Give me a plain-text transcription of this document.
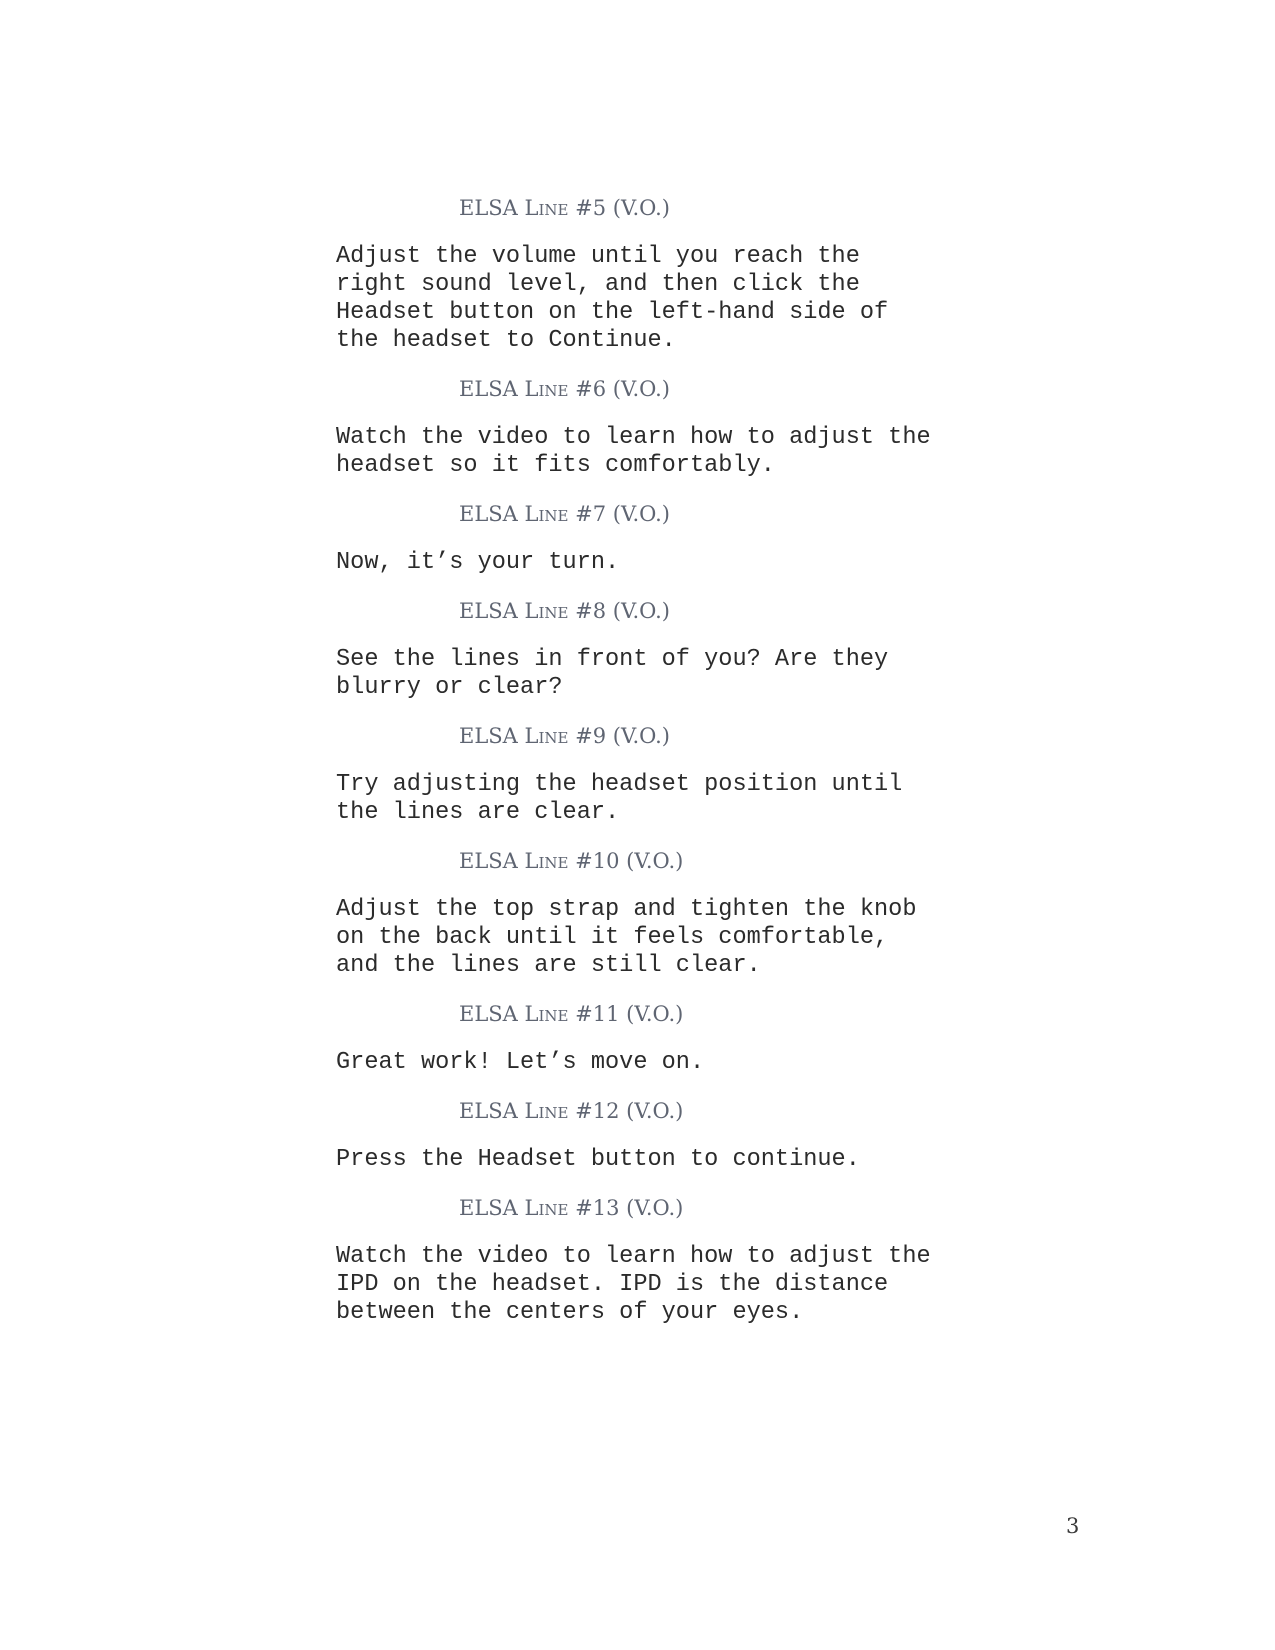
ELSA Line #5 (V.O.)
Adjust the volume until you reach the
right sound level, and then click the
Headset button on the left-hand side of
the headset to Continue.
ELSA Line #6 (V.O.)
Watch the video to learn how to adjust the
headset so it fits comfortably.
ELSA Line #7 (V.O.)
Now, it’s your turn.
ELSA Line #8 (V.O.)
See the lines in front of you? Are they
blurry or clear?
ELSA Line #9 (V.O.)
Try adjusting the headset position until
the lines are clear.
ELSA Line #10 (V.O.)
Adjust the top strap and tighten the knob
on the back until it feels comfortable,
and the lines are still clear.
ELSA Line #11 (V.O.)
Great work! Let’s move on.
ELSA Line #12 (V.O.)
Press the Headset button to continue.
ELSA Line #13 (V.O.)
Watch the video to learn how to adjust the
IPD on the headset. IPD is the distance
between the centers of your eyes.
3
